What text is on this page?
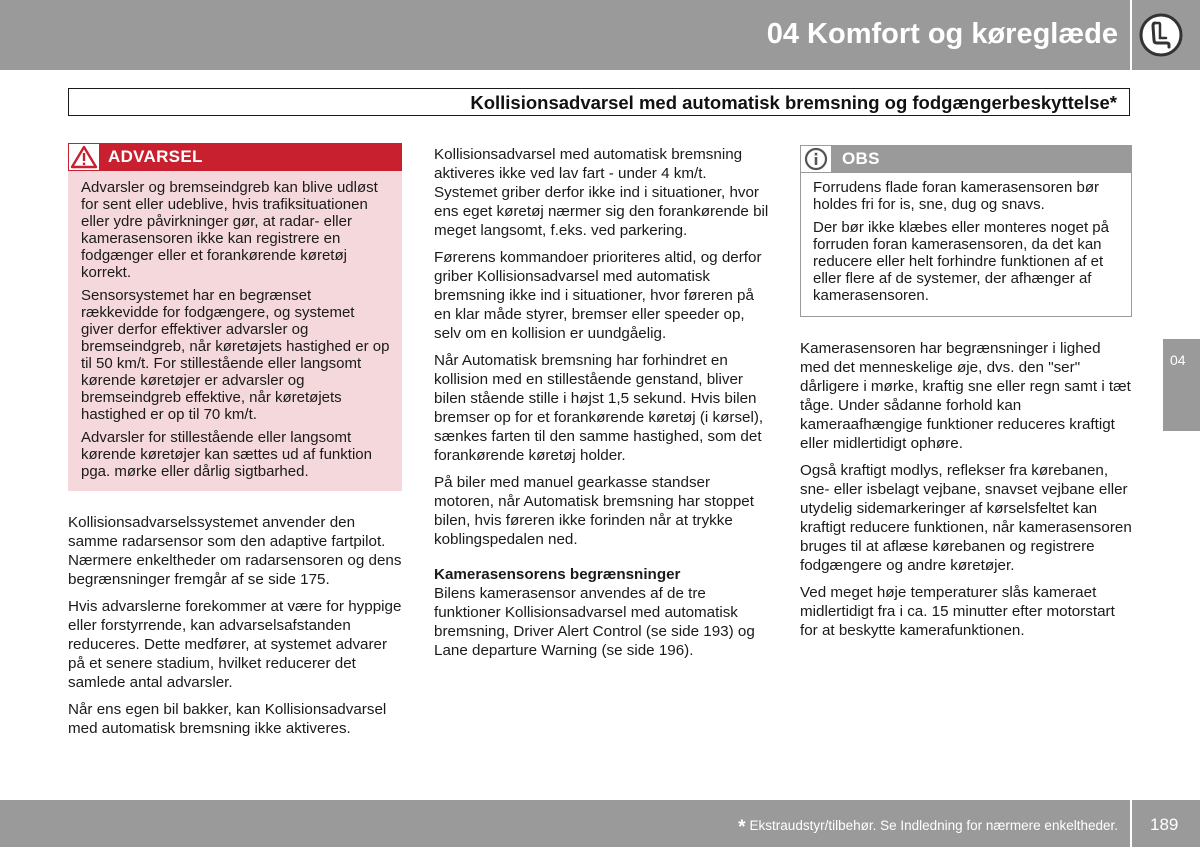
04 Komfort og køreglæde
Kollisionsadvarsel med automatisk bremsning og fodgængerbeskyttelse*
ADVARSEL

Advarsler og bremseindgreb kan blive udløst for sent eller udeblive, hvis trafiksituationen eller ydre påvirkninger gør, at radar- eller kamerasensoren ikke kan registrere en fodgænger eller et forankørende køretøj korrekt.

Sensorsystemet har en begrænset rækkevidde for fodgængere, og systemet giver derfor effektiver advarsler og bremseindgreb, når køretøjets hastighed er op til 50 km/t. For stillestående eller langsomt kørende køretøjer er advarsler og bremseindgreb effektive, når køretøjets hastighed er op til 70 km/t.

Advarsler for stillestående eller langsomt kørende køretøjer kan sættes ud af funktion pga. mørke eller dårlig sigtbarhed.

Kollisionsadvarselssystemet anvender den samme radarsensor som den adaptive fartpilot. Nærmere enkeltheder om radarsensoren og dens begrænsninger fremgår af se side 175.

Hvis advarslerne forekommer at være for hyppige eller forstyrrende, kan advarselsafstanden reduceres. Dette medfører, at systemet advarer på et senere stadium, hvilket reducerer det samlede antal advarsler.

Når ens egen bil bakker, kan Kollisionsadvarsel med automatisk bremsning ikke aktiveres.

Kollisionsadvarsel med automatisk bremsning aktiveres ikke ved lav fart - under 4 km/t. Systemet griber derfor ikke ind i situationer, hvor ens eget køretøj nærmer sig den forankørende bil meget langsomt, f.eks. ved parkering.

Førerens kommandoer prioriteres altid, og derfor griber Kollisionsadvarsel med automatisk bremsning ikke ind i situationer, hvor føreren på en klar måde styrer, bremser eller speeder op, selv om en kollision er uundgåelig.

Når Automatisk bremsning har forhindret en kollision med en stillestående genstand, bliver bilen stående stille i højst 1,5 sekund. Hvis bilen bremser op for et forankørende køretøj (i kørsel), sænkes farten til den samme hastighed, som det forankørende køretøj holder.

På biler med manuel gearkasse standser motoren, når Automatisk bremsning har stoppet bilen, hvis føreren ikke forinden når at trykke koblingspedalen ned.

Kamerasensorens begrænsninger

Bilens kamerasensor anvendes af de tre funktioner Kollisionsadvarsel med automatisk bremsning, Driver Alert Control (se side 193) og Lane departure Warning (se side 196).

OBS

Forrudens flade foran kamerasensoren bør holdes fri for is, sne, dug og snavs.

Der bør ikke klæbes eller monteres noget på forruden foran kamerasensoren, da det kan reducere eller helt forhindre funktionen af et eller flere af de systemer, der afhænger af kamerasensoren.

Kamerasensoren har begrænsninger i lighed med det menneskelige øje, dvs. den "ser" dårligere i mørke, kraftig sne eller regn samt i tæt tåge. Under sådanne forhold kan kameraafhængige funktioner reduceres kraftigt eller midlertidigt ophøre.

Også kraftigt modlys, reflekser fra kørebanen, sne- eller isbelagt vejbane, snavset vejbane eller utydelig sidemarkeringer af kørselsfeltet kan kraftigt reducere funktionen, når kamerasensoren bruges til at aflæse kørebanen og registrere fodgængere og andre køretøjer.

Ved meget høje temperaturer slås kameraet midlertidigt fra i ca. 15 minutter efter motorstart for at beskytte kamerafunktionen.

04
* Ekstraudstyr/tilbehør. Se Indledning for nærmere enkeltheder. 189
